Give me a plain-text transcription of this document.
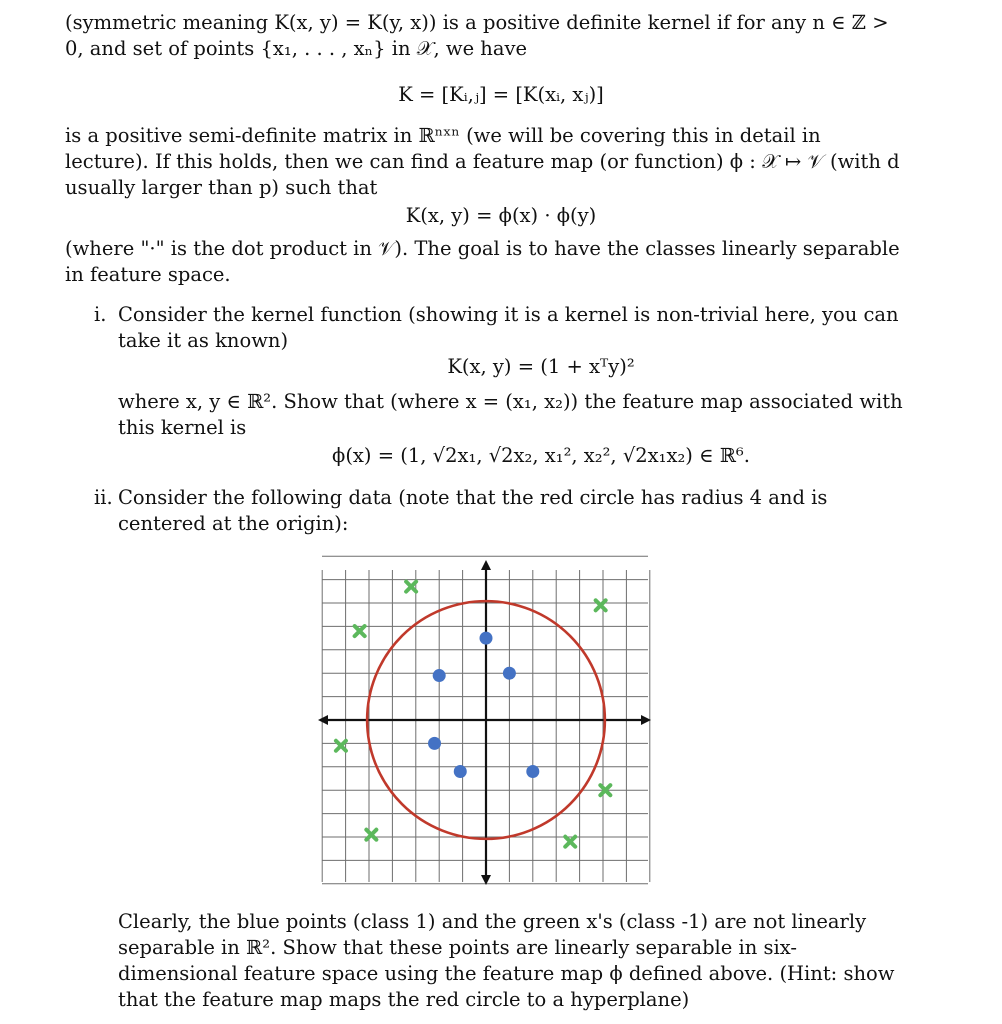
(symmetric meaning K(x, y) = K(y, x)) is a positive definite kernel if for any n ∈ ℤ > 0, and set of points {x₁, . . . , xₙ} in 𝒳, we have
K = [Kᵢ,ⱼ] = [K(xᵢ, xⱼ)]
is a positive semi-definite matrix in ℝⁿˣⁿ (we will be covering this in detail in lecture). If this holds, then we can find a feature map (or function) ϕ : 𝒳 ↦ 𝒱 (with d usually larger than p) such that
K(x, y) = ϕ(x) · ϕ(y)
(where "·" is the dot product in 𝒱). The goal is to have the classes linearly separable in feature space.
i. Consider the kernel function (showing it is a kernel is non-trivial here, you can take it as known)
K(x, y) = (1 + xᵀy)²
where x, y ∈ ℝ². Show that (where x = (x₁, x₂)) the feature map associated with this kernel is
ϕ(x) = (1, √2x₁, √2x₂, x₁², x₂², √2x₁x₂) ∈ ℝ⁶.
ii. Consider the following data (note that the red circle has radius 4 and is centered at the origin):
Clearly, the blue points (class 1) and the green x's (class -1) are not linearly separable in ℝ². Show that these points are linearly separable in six-dimensional feature space using the feature map ϕ defined above. (Hint: show that the feature map maps the red circle to a hyperplane)
